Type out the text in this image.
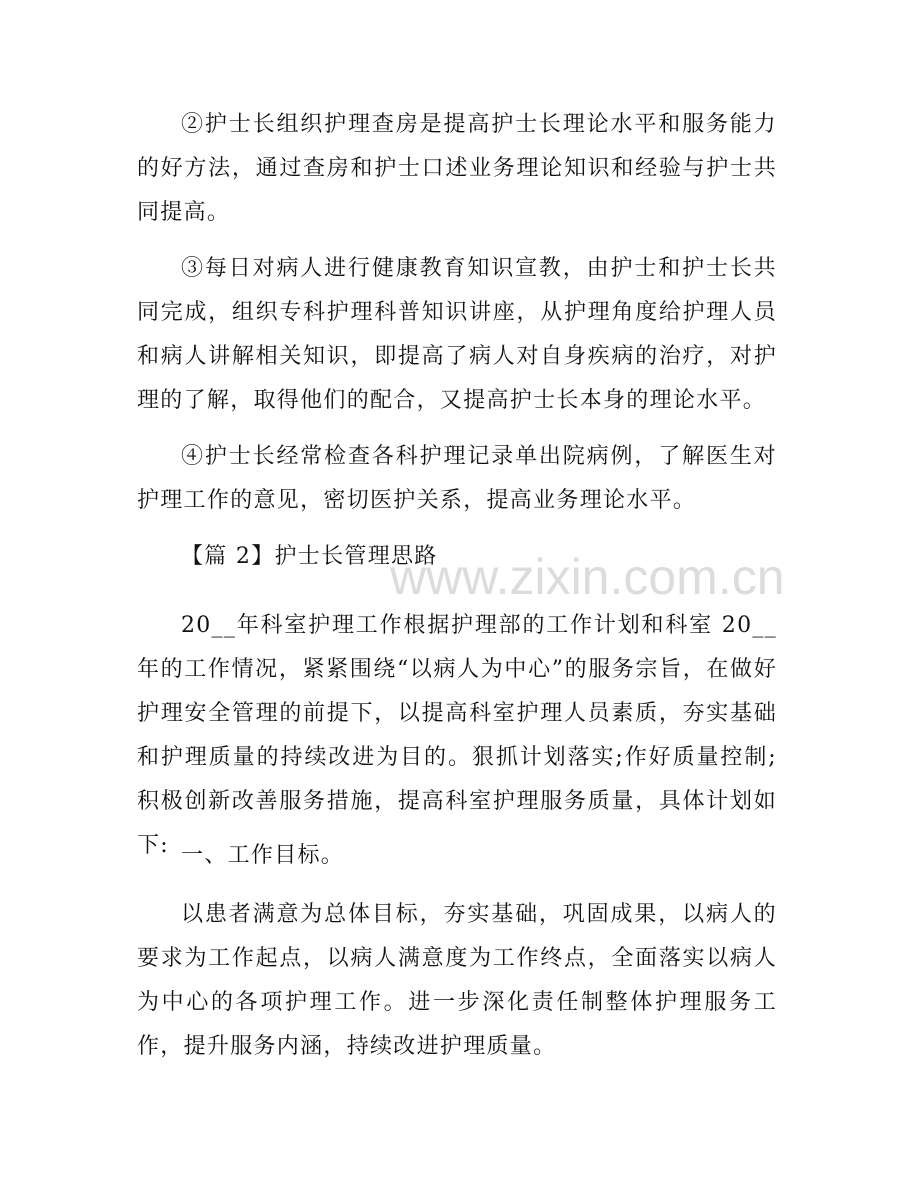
②护士长组织护理查房是提高护士长理论水平和服务能力的好方法，通过查房和护士口述业务理论知识和经验与护士共同提高。

③每日对病人进行健康教育知识宣教，由护士和护士长共同完成，组织专科护理科普知识讲座，从护理角度给护理人员和病人讲解相关知识，即提高了病人对自身疾病的治疗，对护理的了解，取得他们的配合，又提高护士长本身的理论水平。

④护士长经常检查各科护理记录单出院病例，了解医生对护理工作的意见，密切医护关系，提高业务理论水平。

【篇 2】护士长管理思路

20__年科室护理工作根据护理部的工作计划和科室 20__年的工作情况，紧紧围绕“以病人为中心”的服务宗旨，在做好护理安全管理的前提下，以提高科室护理人员素质，夯实基础和护理质量的持续改进为目的。狠抓计划落实;作好质量控制;积极创新改善服务措施，提高科室护理服务质量，具体计划如下: 一、工作目标。

以患者满意为总体目标，夯实基础，巩固成果，以病人的要求为工作起点，以病人满意度为工作终点，全面落实以病人为中心的各项护理工作。进一步深化责任制整体护理服务工作，提升服务内涵，持续改进护理质量。

www.zixin.com.cn
